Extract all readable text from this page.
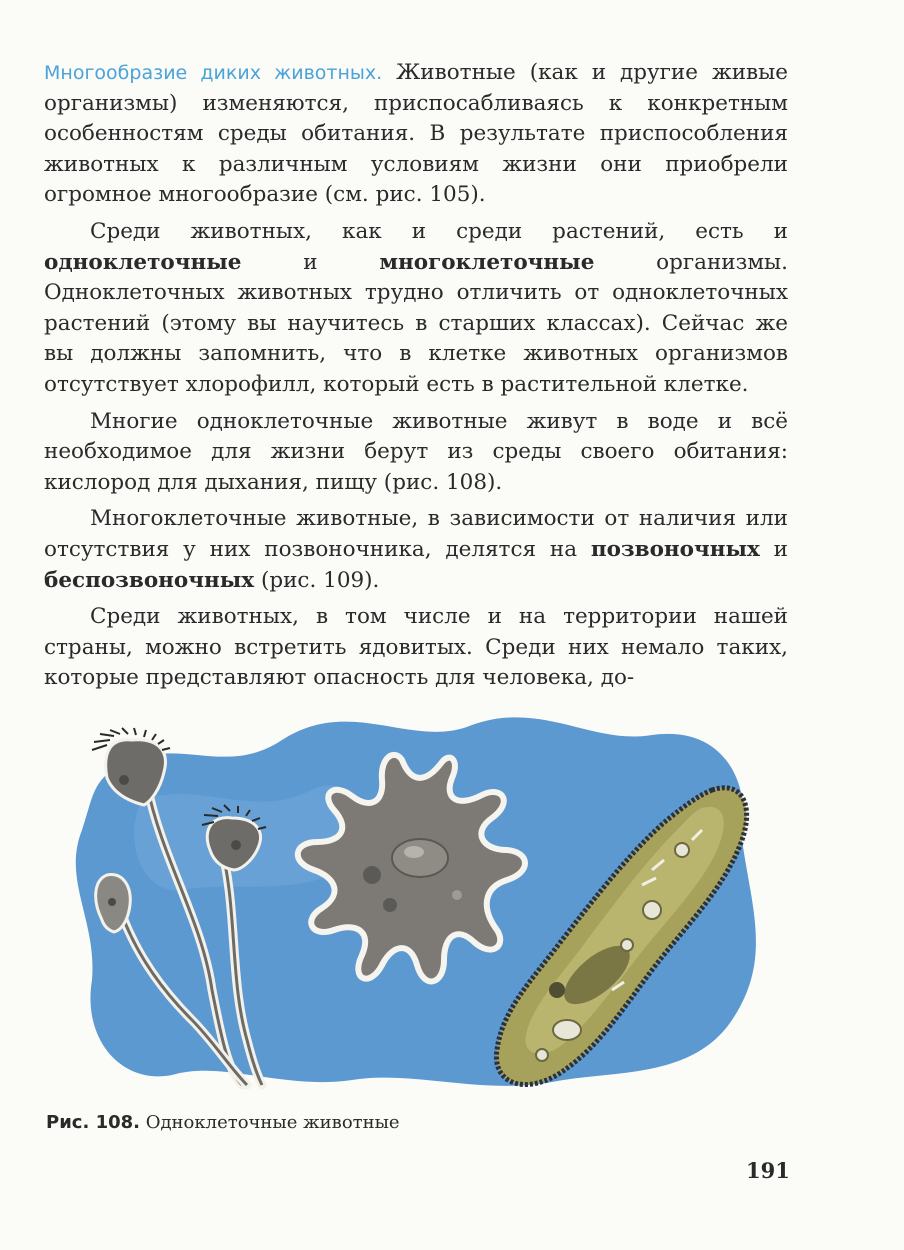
Многообразие диких животных. Животные (как и другие живые организмы) изменяются, приспосабливаясь к конкретным особенностям среды обитания. В результате приспособления животных к различным условиям жизни они приобрели огромное многообразие (см. рис. 105).

Среди животных, как и среди растений, есть и одноклеточные и многоклеточные организмы. Одноклеточных животных трудно отличить от одноклеточных растений (этому вы научитесь в старших классах). Сейчас же вы должны запомнить, что в клетке животных организмов отсутствует хлорофилл, который есть в растительной клетке.

Многие одноклеточные животные живут в воде и всё необходимое для жизни берут из среды своего обитания: кислород для дыхания, пищу (рис. 108).

Многоклеточные животные, в зависимости от наличия или отсутствия у них позвоночника, делятся на позвоночных и беспозвоночных (рис. 109).

Среди животных, в том числе и на территории нашей страны, можно встретить ядовитых. Среди них немало таких, которые представляют опасность для человека, до-

Рис. 108. Одноклеточные животные
191
